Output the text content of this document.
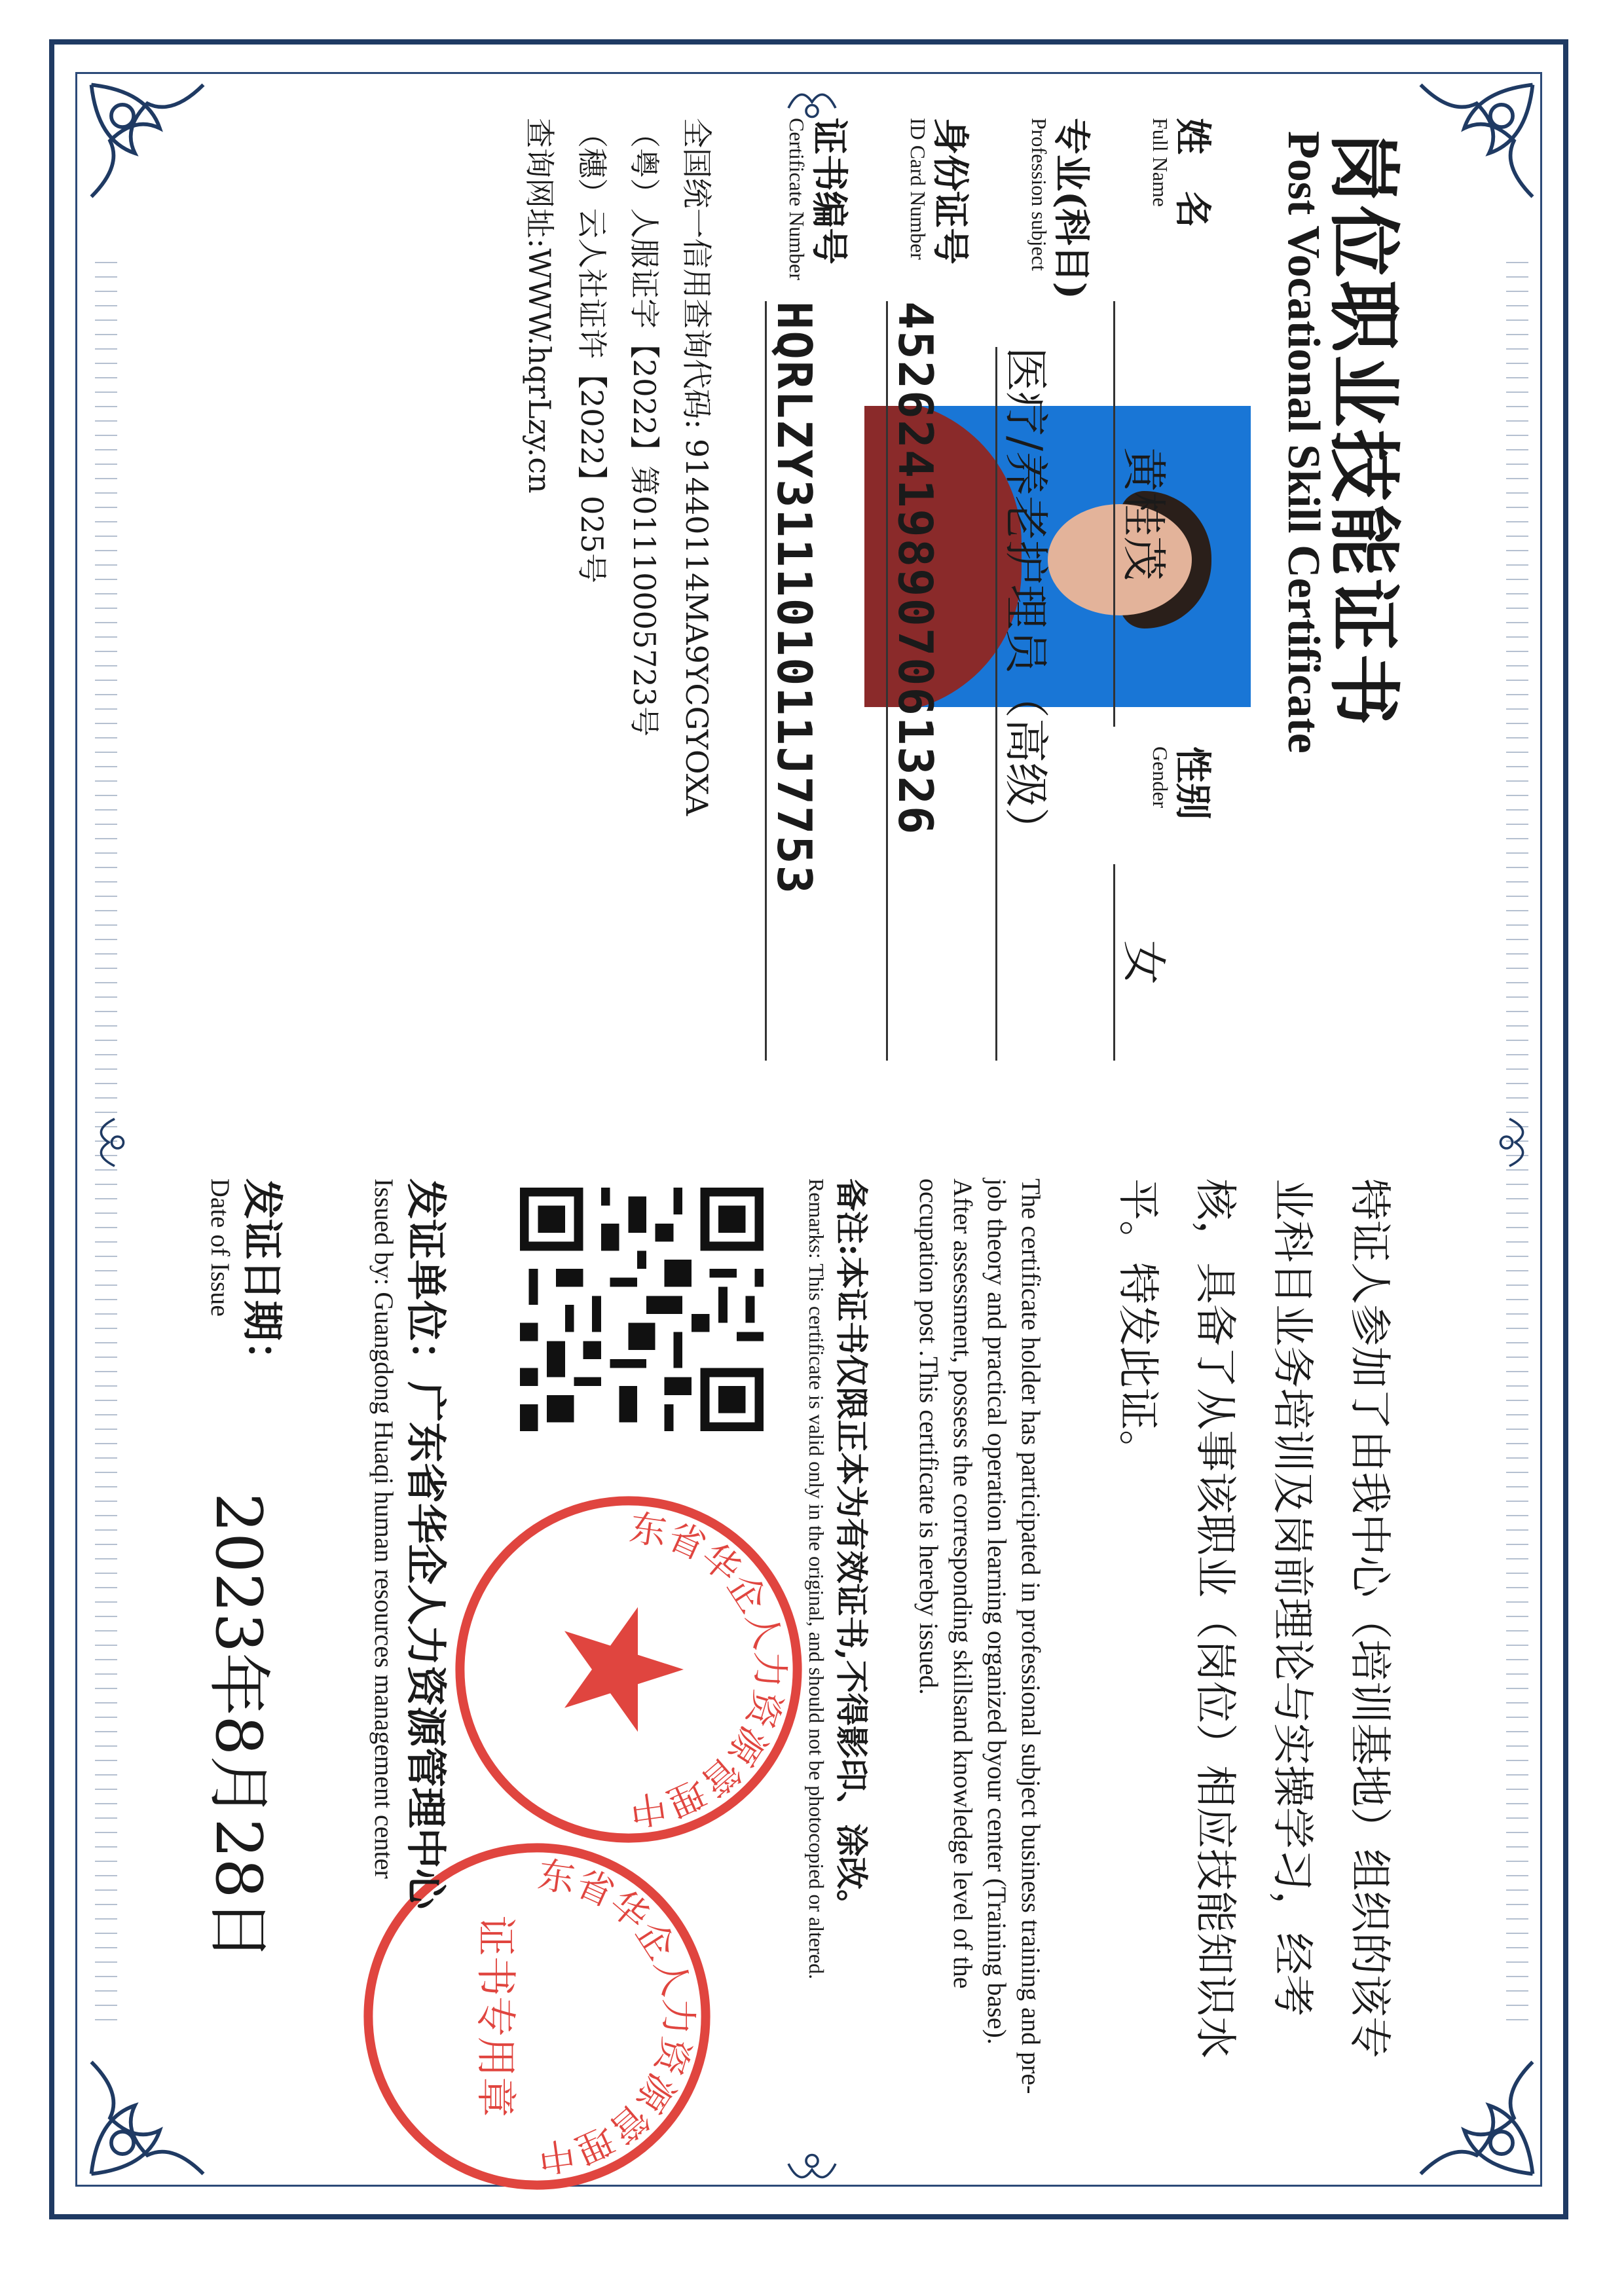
岗位职业技能证书
Post Vocational Skill Certificate
姓　名
Full Name
黄桂茂
性别
Gender
女
专业(科目)
Profession subject
医疗/养老护理员（高级）
身份证号
ID Card Number
452624198907061326
证书编号
Certificate Number
HQRLZY311101011J7753
全国统一信用查询代码: 91440114MA9YCGYOXA
（粤）人服证字【2022】第01110005723号
（穗）云人社证许【2022】025号
查询网址:WWW.hqrLzy.cn
特证人参加了由我中心（培训基地）组织的该专业科目业务培训及岗前理论与实操学习，经考核，具备了从事该职业（岗位）相应技能知识水平。特发此证。
The certificate holder has participated in professional subject business training and pre-job theory and practical operation learning organized byour center (Training base). After assessment, possess the corresponding skillsand knowledge level of the occupation post .This certificate is hereby issued.
备注:本证书仅限正本为有效证书,不得影印、涂改。
Remarks: This certificate is valid only in the original, and should not be photocopied or altered.
东省华企人力资源管理中
东省华企人力资源管理中
证书专用章
发证单位：广东省华企人力资源管理中心
Issued by: Guangdong Huaqi human resources management center
发证日期：
Date of Issue
2023年8月28日
